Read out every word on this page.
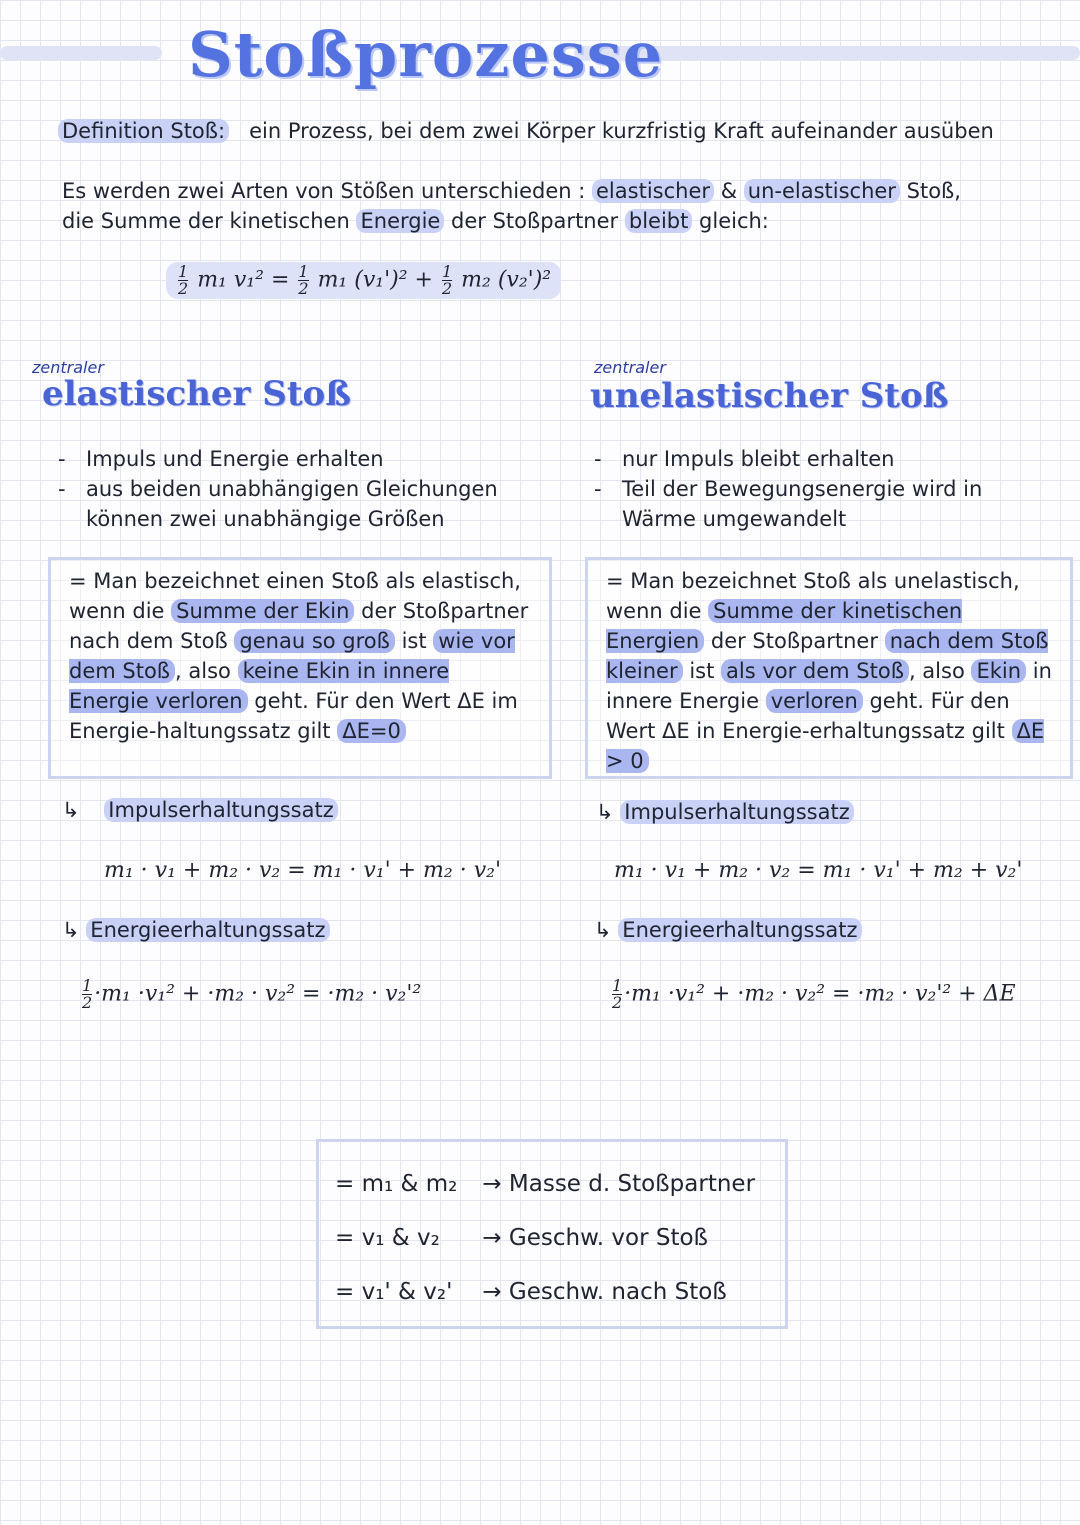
Stoßprozesse
Definition Stoß: ein Prozess, bei dem zwei Körper kurzfristig Kraft aufeinander ausüben
Es werden zwei Arten von Stößen unterschieden : elastischer & un-elastischer Stoß,
die Summe der kinetischen Energie der Stoßpartner bleibt gleich:
$\frac{1}{2} m_1$ $v_1^2 = \frac{1}{2} m_1$ $(v_1')^2 + \frac{1}{2} m_2$ (v₂')²
zentraler
elastischer Stoß
- Impuls und Energie erhalten
- aus beiden unabhängigen Gleichungen können zwei unabhängige Größen
= Man bezeichnet einen Stoß als elastisch, wenn die Summe der Ekin der Stoßpartner nach dem Stoß genau so groß ist wie vor dem Stoß , also keine Ekin in innere Energie verloren geht. Für den Wert ΔE im Energie-haltungssatz gilt ΔE=0
↳ Impulserhaltungssatz
m₁ · v₁ + m₂ · v₂ = m₁ · v₁' + m₂ · v₂'
↳ Energieerhaltungssatz
$\frac{1}{2} \cdot m_1 \cdot v_1^2 + \cdot m_2 \cdot v_2^2 = \cdot m_2 \cdot v_2'^2$
zentraler
unelastischer Stoß
- nur Impuls bleibt erhalten
- Teil der Bewegungsenergie wird in Wärme umgewandelt
= Man bezeichnet Stoß als unelastisch, wenn die Summe der kinetischen Energien der Stoßpartner nach dem Stoß kleiner ist als vor dem Stoß , also Ekin in innere Energie verloren geht. Für den Wert ΔE in Energie-erhaltungssatz gilt ΔE > 0
↳ Impulserhaltungssatz
m₁ · v₁ + m₂ · v₂ = m₁ · v₁' + m₂ + v₂'
↳ Energieerhaltungssatz
$\frac{1}{2} \cdot m_1 \cdot v_1^2 + \cdot m_2 \cdot v_2^2 = \cdot m_2 \cdot v_2'^2 + \Delta E$
= m₁ & m₂ → Masse d. Stoßpartner
= v₁ & v₂ → Geschw. vor Stoß
= v₁' & v₂' → Geschw. nach Stoß
